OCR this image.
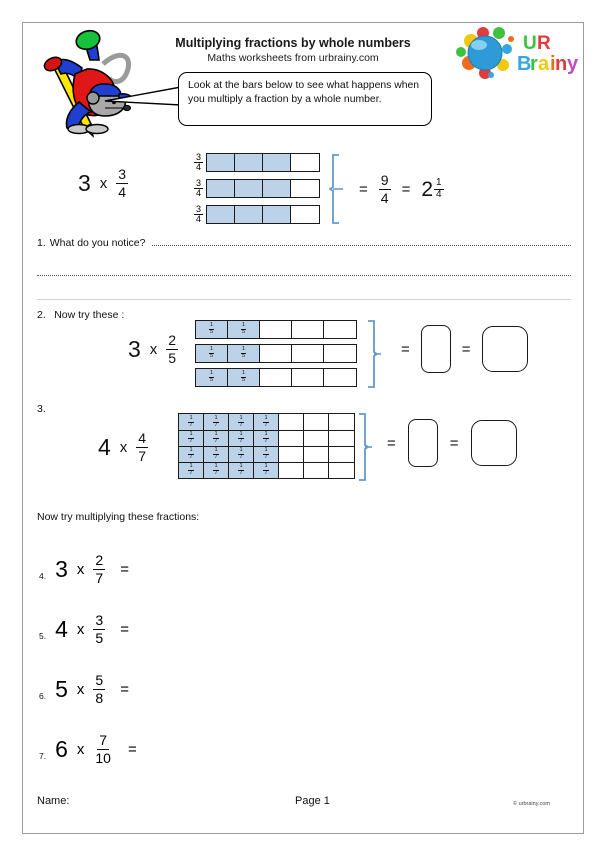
Multiplying fractions by whole numbers
Maths worksheets from urbrainy.com
U R
B
r a i n y
Look at the bars below to see what happens when you multiply a fraction by a whole number.
3 x $\frac{3}{4}$
$\frac{3}{4}$
$\frac{3}{4}$
$\frac{3}{4}$
= $\frac{9}{4} = 2 \frac{1}{4}$
1. What do you notice?
2. Now try these :
3 x $\frac{2}{5}$
$\frac{1}{5}$	$\frac{1}{5}$
$\frac{1}{5}$	$\frac{1}{5}$
$\frac{1}{5}$	$\frac{1}{5}$
=	=
3.
4 x $\frac{4}{7}$
$\frac{1}{7}$	$\frac{1}{7}$	$\frac{1}{7}$	$\frac{1}{7}$
$\frac{1}{7}$	$\frac{1}{7}$	$\frac{1}{7}$	$\frac{1}{7}$
$\frac{1}{7}$	$\frac{1}{7}$	$\frac{1}{7}$	$\frac{1}{7}$
$\frac{1}{7}$	$\frac{1}{7}$	$\frac{1}{7}$	$\frac{1}{7}$
=	=
Now try multiplying these fractions:
4. 3 x $\frac{2}{7}$ =
5. 4 x $\frac{3}{5}$ =
6. 5 x $\frac{5}{8}$ =
7. 6 x $\frac{7}{10}$ =
Name:	Page 1	© urbrainy.com
